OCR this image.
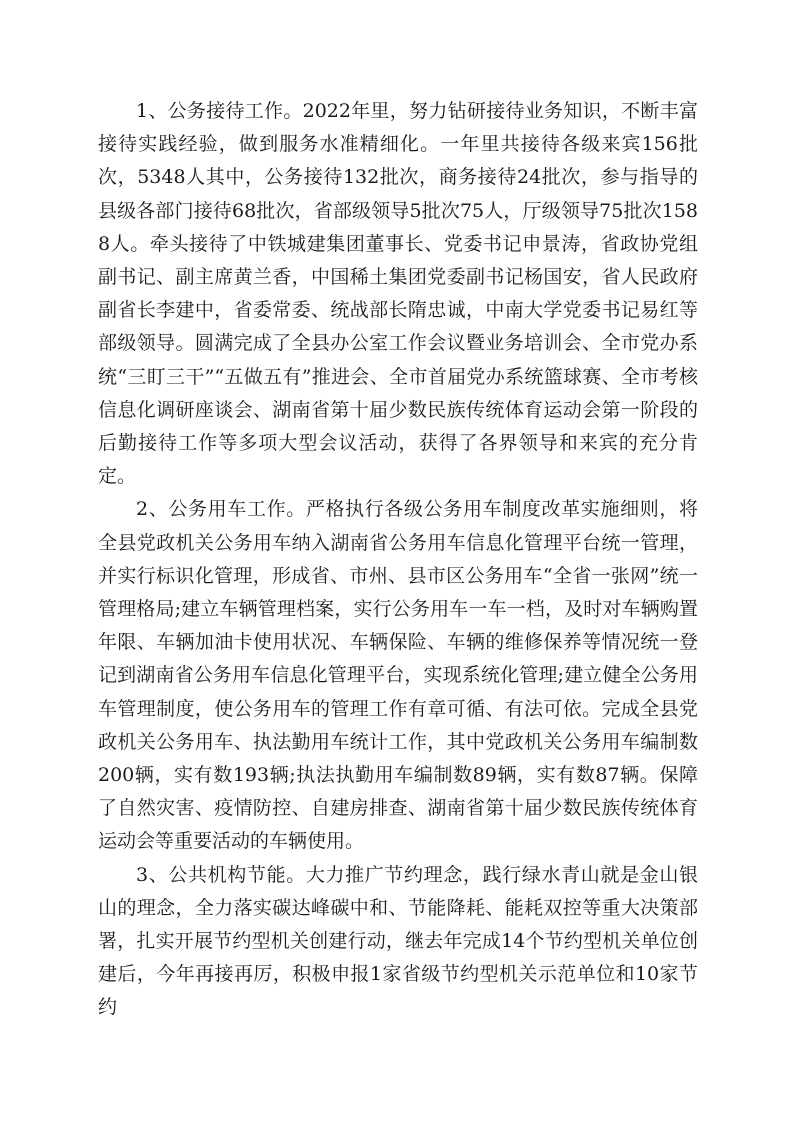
1、公务接待工作。2022年里，努力钻研接待业务知识，不断丰富接待实践经验，做到服务水准精细化。一年里共接待各级来宾156批次，5348人其中，公务接待132批次，商务接待24批次，参与指导的县级各部门接待68批次，省部级领导5批次75人，厅级领导75批次1588人。牵头接待了中铁城建集团董事长、党委书记申景涛，省政协党组副书记、副主席黄兰香，中国稀土集团党委副书记杨国安，省人民政府副省长李建中，省委常委、统战部长隋忠诚，中南大学党委书记易红等部级领导。圆满完成了全县办公室工作会议暨业务培训会、全市党办系统“三盯三干”“五做五有”推进会、全市首届党办系统篮球赛、全市考核信息化调研座谈会、湖南省第十届少数民族传统体育运动会第一阶段的后勤接待工作等多项大型会议活动，获得了各界领导和来宾的充分肯定。

2、公务用车工作。严格执行各级公务用车制度改革实施细则，将全县党政机关公务用车纳入湖南省公务用车信息化管理平台统一管理，并实行标识化管理，形成省、市州、县市区公务用车“全省一张网”统一管理格局;建立车辆管理档案，实行公务用车一车一档，及时对车辆购置年限、车辆加油卡使用状况、车辆保险、车辆的维修保养等情况统一登记到湖南省公务用车信息化管理平台，实现系统化管理;建立健全公务用车管理制度，使公务用车的管理工作有章可循、有法可依。完成全县党政机关公务用车、执法勤用车统计工作，其中党政机关公务用车编制数200辆，实有数193辆;执法执勤用车编制数89辆，实有数87辆。保障了自然灾害、疫情防控、自建房排查、湖南省第十届少数民族传统体育运动会等重要活动的车辆使用。

3、公共机构节能。大力推广节约理念，践行绿水青山就是金山银山的理念，全力落实碳达峰碳中和、节能降耗、能耗双控等重大决策部署，扎实开展节约型机关创建行动，继去年完成14个节约型机关单位创建后，今年再接再厉，积极申报1家省级节约型机关示范单位和10家节约
